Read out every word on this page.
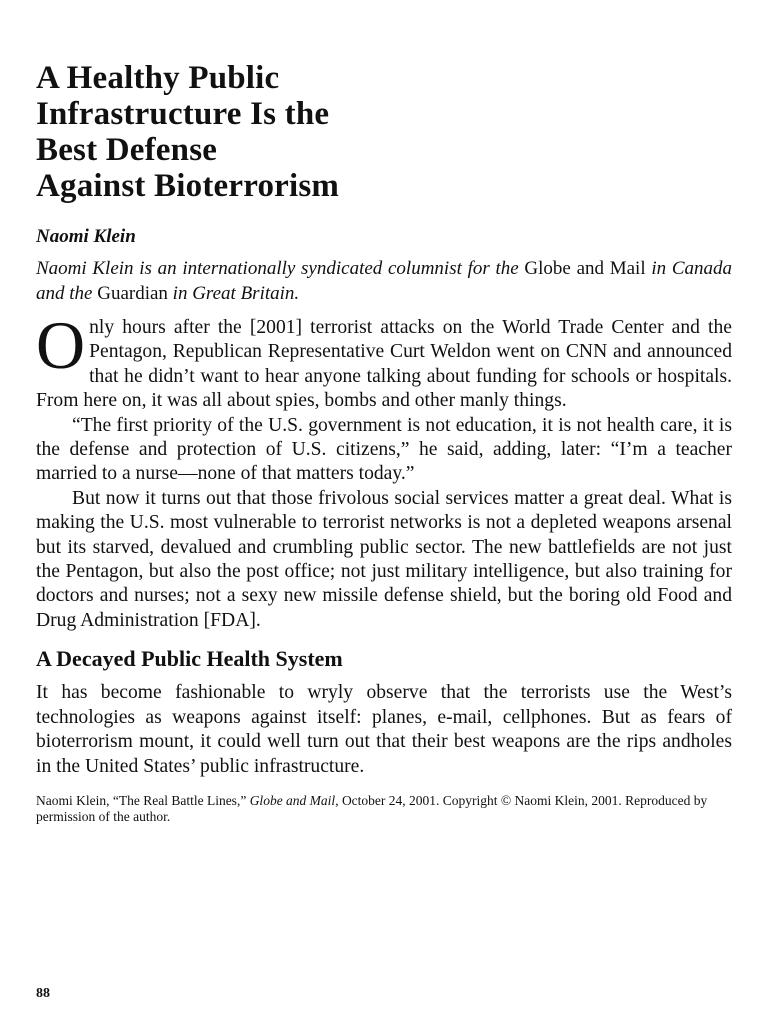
A Healthy Public
Infrastructure Is the
Best Defense
Against Bioterrorism
Naomi Klein

Naomi Klein is an internationally syndicated columnist for the Globe and Mail in Canada and the Guardian in Great Britain.

Only hours after the [2001] terrorist attacks on the World Trade Center and the Pentagon, Republican Representative Curt Weldon went on CNN and announced that he didn’t want to hear anyone talking about funding for schools or hospitals. From here on, it was all about spies, bombs and other manly things.

“The first priority of the U.S. government is not education, it is not health care, it is the defense and protection of U.S. citizens,” he said, adding, later: “I’m a teacher married to a nurse—none of that matters today.”

But now it turns out that those frivolous social services matter a great deal. What is making the U.S. most vulnerable to terrorist networks is not a depleted weapons arsenal but its starved, devalued and crumbling public sector. The new battlefields are not just the Pentagon, but also the post office; not just military intelligence, but also training for doctors and nurses; not a sexy new missile defense shield, but the boring old Food and Drug Administration [FDA].

A Decayed Public Health System

It has become fashionable to wryly observe that the terrorists use the West’s technologies as weapons against itself: planes, e-mail, cellphones. But as fears of bioterrorism mount, it could well turn out that their best weapons are the rips andholes in the United States’ public infrastructure.

Naomi Klein, “The Real Battle Lines,” Globe and Mail, October 24, 2001. Copyright © Naomi Klein, 2001. Reproduced by permission of the author.
88
